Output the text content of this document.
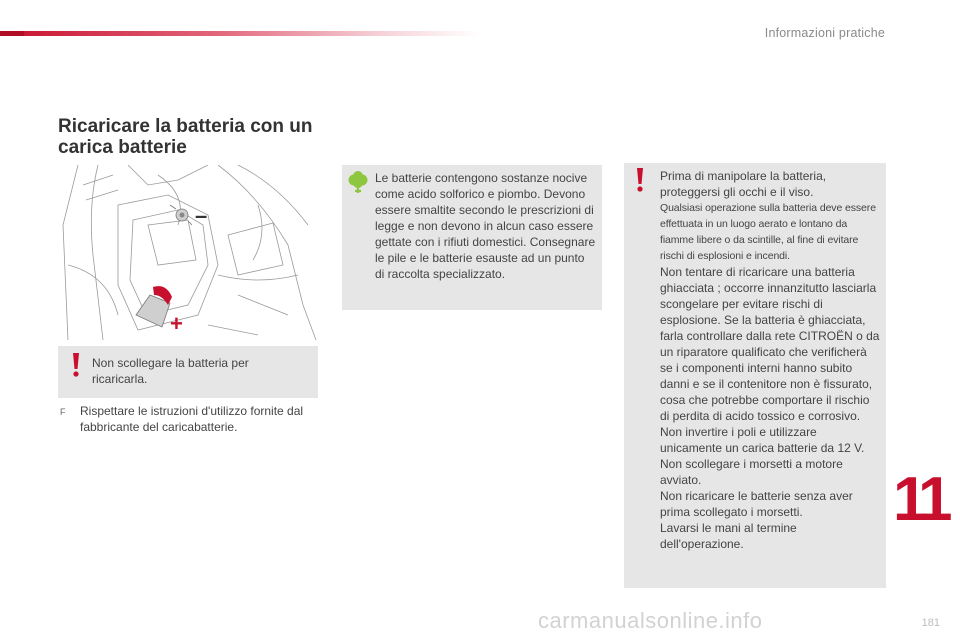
Informazioni pratiche
Ricaricare la batteria con un carica batterie
–
+

Non scollegare la batteria per ricaricarla.

F Rispettare le istruzioni d'utilizzo fornite dal fabbricante del caricabatterie.

Le batterie contengono sostanze nocive come acido solforico e piombo. Devono essere smaltite secondo le prescrizioni di legge e non devono in alcun caso essere gettate con i rifiuti domestici. Consegnare le pile e le batterie esauste ad un punto di raccolta specializzato.

Prima di manipolare la batteria, proteggersi gli occhi e il viso.

Qualsiasi operazione sulla batteria deve essere effettuata in un luogo aerato e lontano da fiamme libere o da scintille, al fine di evitare rischi di esplosioni e incendi.

Non tentare di ricaricare una batteria ghiacciata ; occorre innanzitutto lasciarla scongelare per evitare rischi di esplosione. Se la batteria è ghiacciata, farla controllare dalla rete CITROËN o da un riparatore qualificato che verificherà se i componenti interni hanno subito danni e se il contenitore non è fissurato, cosa che potrebbe comportare il rischio di perdita di acido tossico e corrosivo.

Non invertire i poli e utilizzare unicamente un carica batterie da 12 V.

Non scollegare i morsetti a motore avviato.

Non ricaricare le batterie senza aver prima scollegato i morsetti.

Lavarsi le mani al termine dell'operazione.

11
carmanualsonline.info	181
